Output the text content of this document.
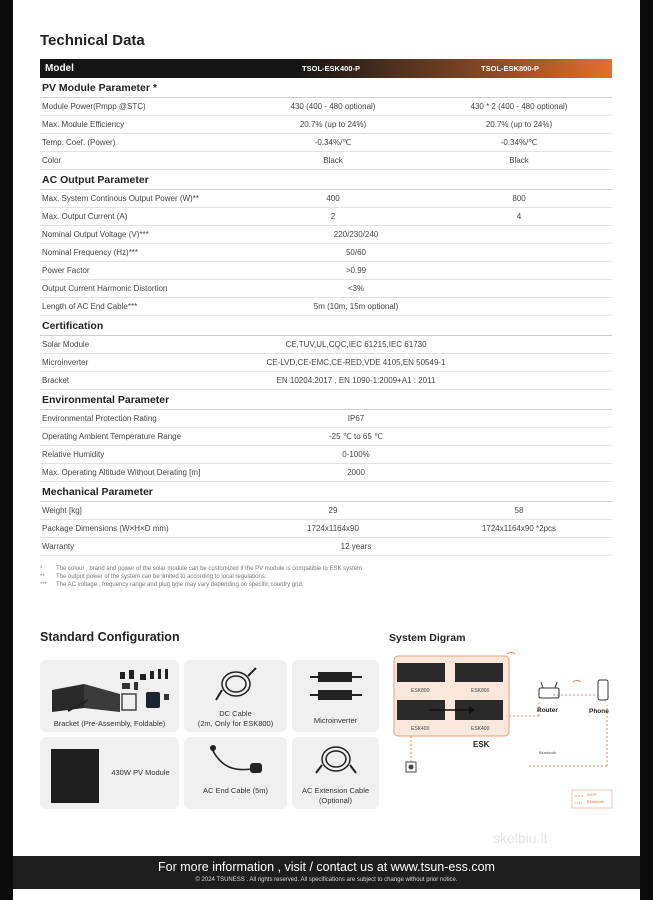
Technical Data
Model	TSOL-ESK400-P	TSOL-ESK800-P
PV Module Parameter *
Module Power(Pmpp @STC)	430 (400 - 480 optional)	430 * 2 (400 - 480 optional)
Max. Module Efficiency	20.7% (up to 24%)	20.7% (up to 24%)
Temp. Coef. (Power)	-0.34%/℃	-0.34%/℃
Color	Black	Black
AC Output Parameter
Max. System Continous Output Power (W)**	400	800
Max. Output Current (A)	2	4
Nominal Output Voltage (V)***	220/230/240
Nominal Frequency (Hz)***	50/60
Power Factor	>0.99
Output Current Harmonic Distortion	<3%
Length of AC End Cable***	5m (10m, 15m optional)
Certification
Solar Module	CE,TUV,UL,CQC,IEC 61215,IEC 61730
Microinverter	CE-LVD,CE-EMC,CE-RED,VDE 4105,EN 50549-1
Bracket	EN 10204:2017 , EN 1090-1:2009+A1 : 2011
Environmental Parameter
Environmental Protection Rating	IP67
Operating Ambient Temperature Range	-25 ℃ to 65 ℃
Relative Humidity	0-100%
Max. Operating Altitude Without Derating [m]	2000
Mechanical Parameter
Weight [kg]	29	58
Package Dimensions (W×H×D mm)	1724x1164x90	1724x1164x90 *2pcs
Warranty	12 years
*	The colour , brand and power of the solar module can be customized if the PV module is compatible to ESK system.
**	The output power of the system can be limited to according to local regulations.
***	The AC voltage , frequency range and plug type may vary depending on specific country grid.
Standard Configuration
Bracket (Pre-Assembly, Foldable)
DC Cable
(2m, Only for ESK800)	Microinverter
430W PV Module
AC End Cable (5m)	AC Extension Cable
(Optional)
System Digram
ESK800	ESK800
ESK400	ESK400
ESK
Router	Phone
Bluetooth
Wi-Fi
Bluetooth
skelbiu.lt
For more information , visit / contact us at www.tsun-ess.com
© 2024 TSUNESS . All rights reserved. All specifications are subject to change without prior notice.
